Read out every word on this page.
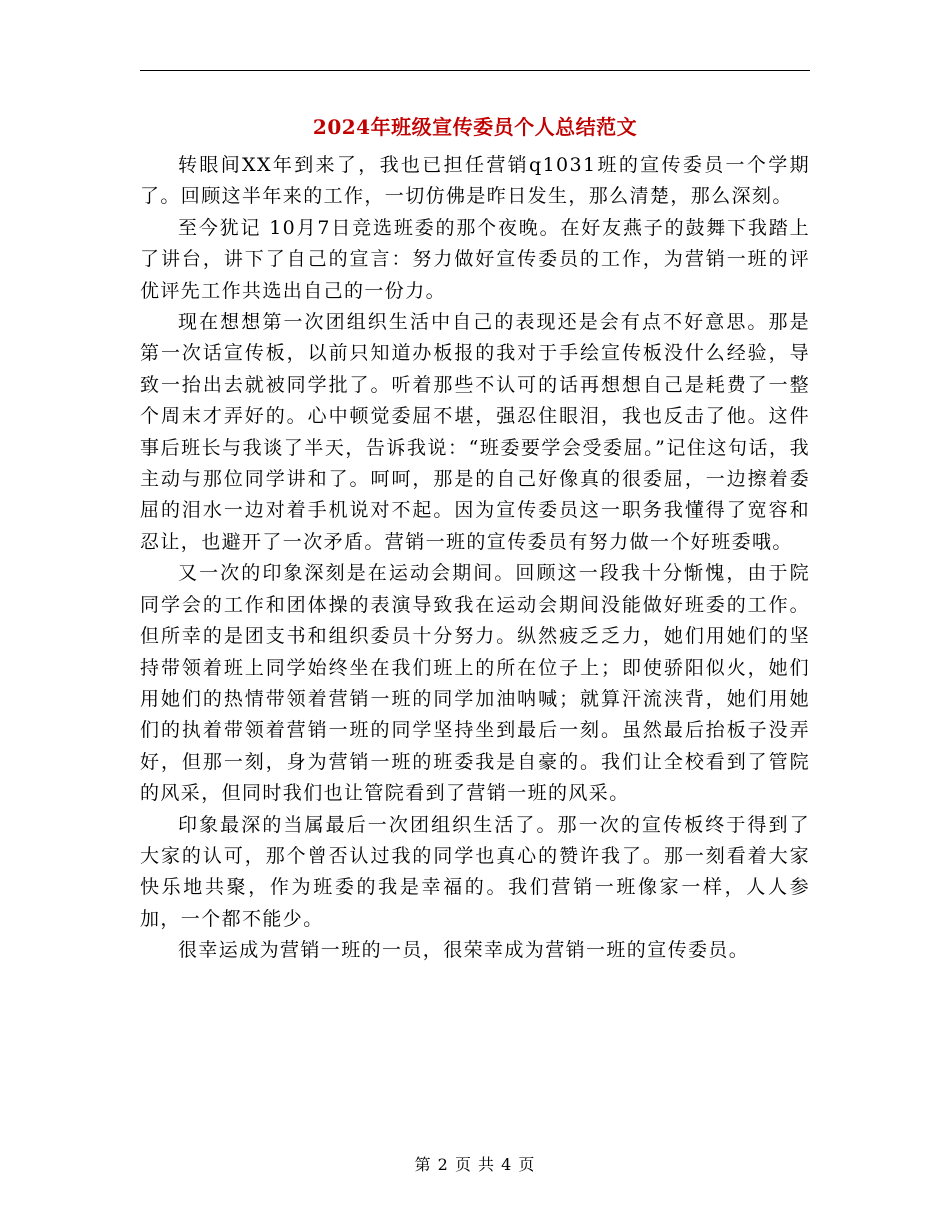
2024年班级宣传委员个人总结范文

转眼间XX年到来了，我也已担任营销q1031班的宣传委员一个学期了。回顾这半年来的工作，一切仿佛是昨日发生，那么清楚，那么深刻。

至今犹记 10月7日竞选班委的那个夜晚。在好友燕子的鼓舞下我踏上了讲台，讲下了自己的宣言：努力做好宣传委员的工作，为营销一班的评优评先工作共选出自己的一份力。

现在想想第一次团组织生活中自己的表现还是会有点不好意思。那是第一次话宣传板，以前只知道办板报的我对于手绘宣传板没什么经验，导致一抬出去就被同学批了。听着那些不认可的话再想想自己是耗费了一整个周末才弄好的。心中顿觉委屈不堪，强忍住眼泪，我也反击了他。这件事后班长与我谈了半天，告诉我说：“班委要学会受委屈。”记住这句话，我主动与那位同学讲和了。呵呵，那是的自己好像真的很委屈，一边擦着委屈的泪水一边对着手机说对不起。因为宣传委员这一职务我懂得了宽容和忍让，也避开了一次矛盾。营销一班的宣传委员有努力做一个好班委哦。

又一次的印象深刻是在运动会期间。回顾这一段我十分惭愧，由于院同学会的工作和团体操的表演导致我在运动会期间没能做好班委的工作。但所幸的是团支书和组织委员十分努力。纵然疲乏乏力，她们用她们的坚持带领着班上同学始终坐在我们班上的所在位子上；即使骄阳似火，她们用她们的热情带领着营销一班的同学加油呐喊；就算汗流浃背，她们用她们的执着带领着营销一班的同学坚持坐到最后一刻。虽然最后抬板子没弄好，但那一刻，身为营销一班的班委我是自豪的。我们让全校看到了管院的风采，但同时我们也让管院看到了营销一班的风采。

印象最深的当属最后一次团组织生活了。那一次的宣传板终于得到了大家的认可，那个曾否认过我的同学也真心的赞许我了。那一刻看着大家快乐地共聚，作为班委的我是幸福的。我们营销一班像家一样，人人参加，一个都不能少。

很幸运成为营销一班的一员，很荣幸成为营销一班的宣传委员。

第 2 页 共 4 页
